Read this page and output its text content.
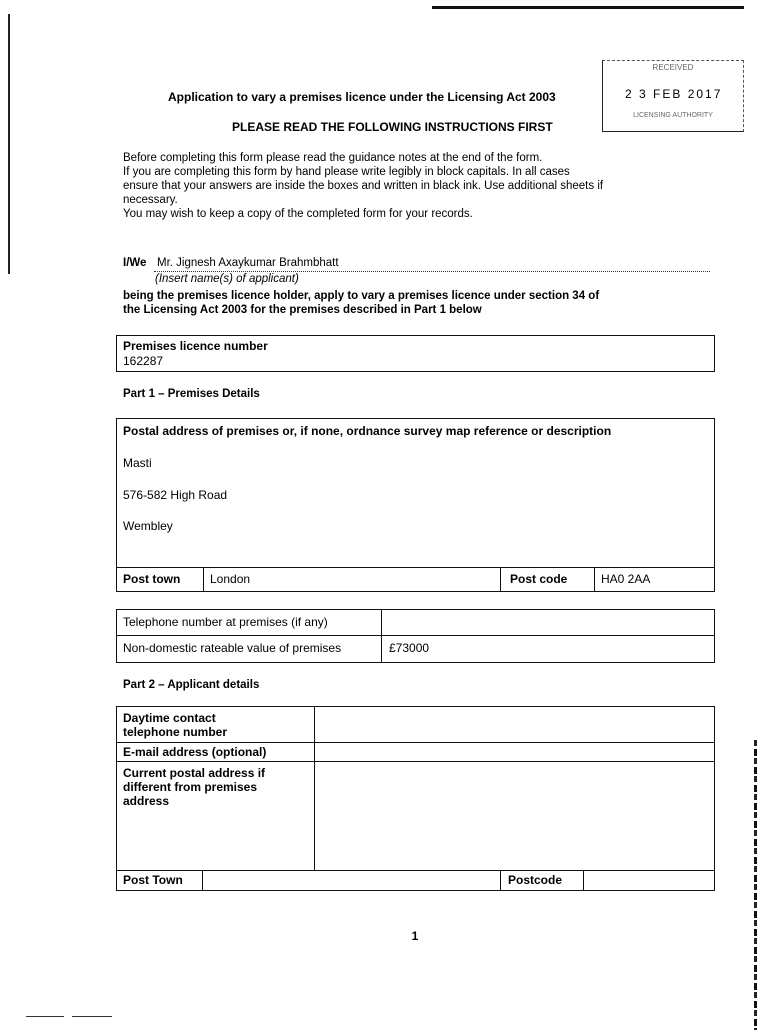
RECEIVED
2 3 FEB 2017
LICENSING AUTHORITY
Application to vary a premises licence under the Licensing Act 2003
PLEASE READ THE FOLLOWING INSTRUCTIONS FIRST
Before completing this form please read the guidance notes at the end of the form.
If you are completing this form by hand please write legibly in block capitals. In all cases
ensure that your answers are inside the boxes and written in black ink. Use additional sheets if
necessary.
You may wish to keep a copy of the completed form for your records.
I/We Mr. Jignesh Axaykumar Brahmbhatt
(Insert name(s) of applicant)
being the premises licence holder, apply to vary a premises licence under section 34 of
the Licensing Act 2003 for the premises described in Part 1 below
Premises licence number
162287
Part 1 – Premises Details
Postal address of premises or, if none, ordnance survey map reference or description
Masti
576-582 High Road
Wembley
Post town London	Post code	HA0 2AA
Telephone number at premises (if any)
Non-domestic rateable value of premises	£73000
Part 2 – Applicant details
Daytime contact
telephone number
E-mail address (optional)
Current postal address if
different from premises
address
Post Town	Postcode
1
